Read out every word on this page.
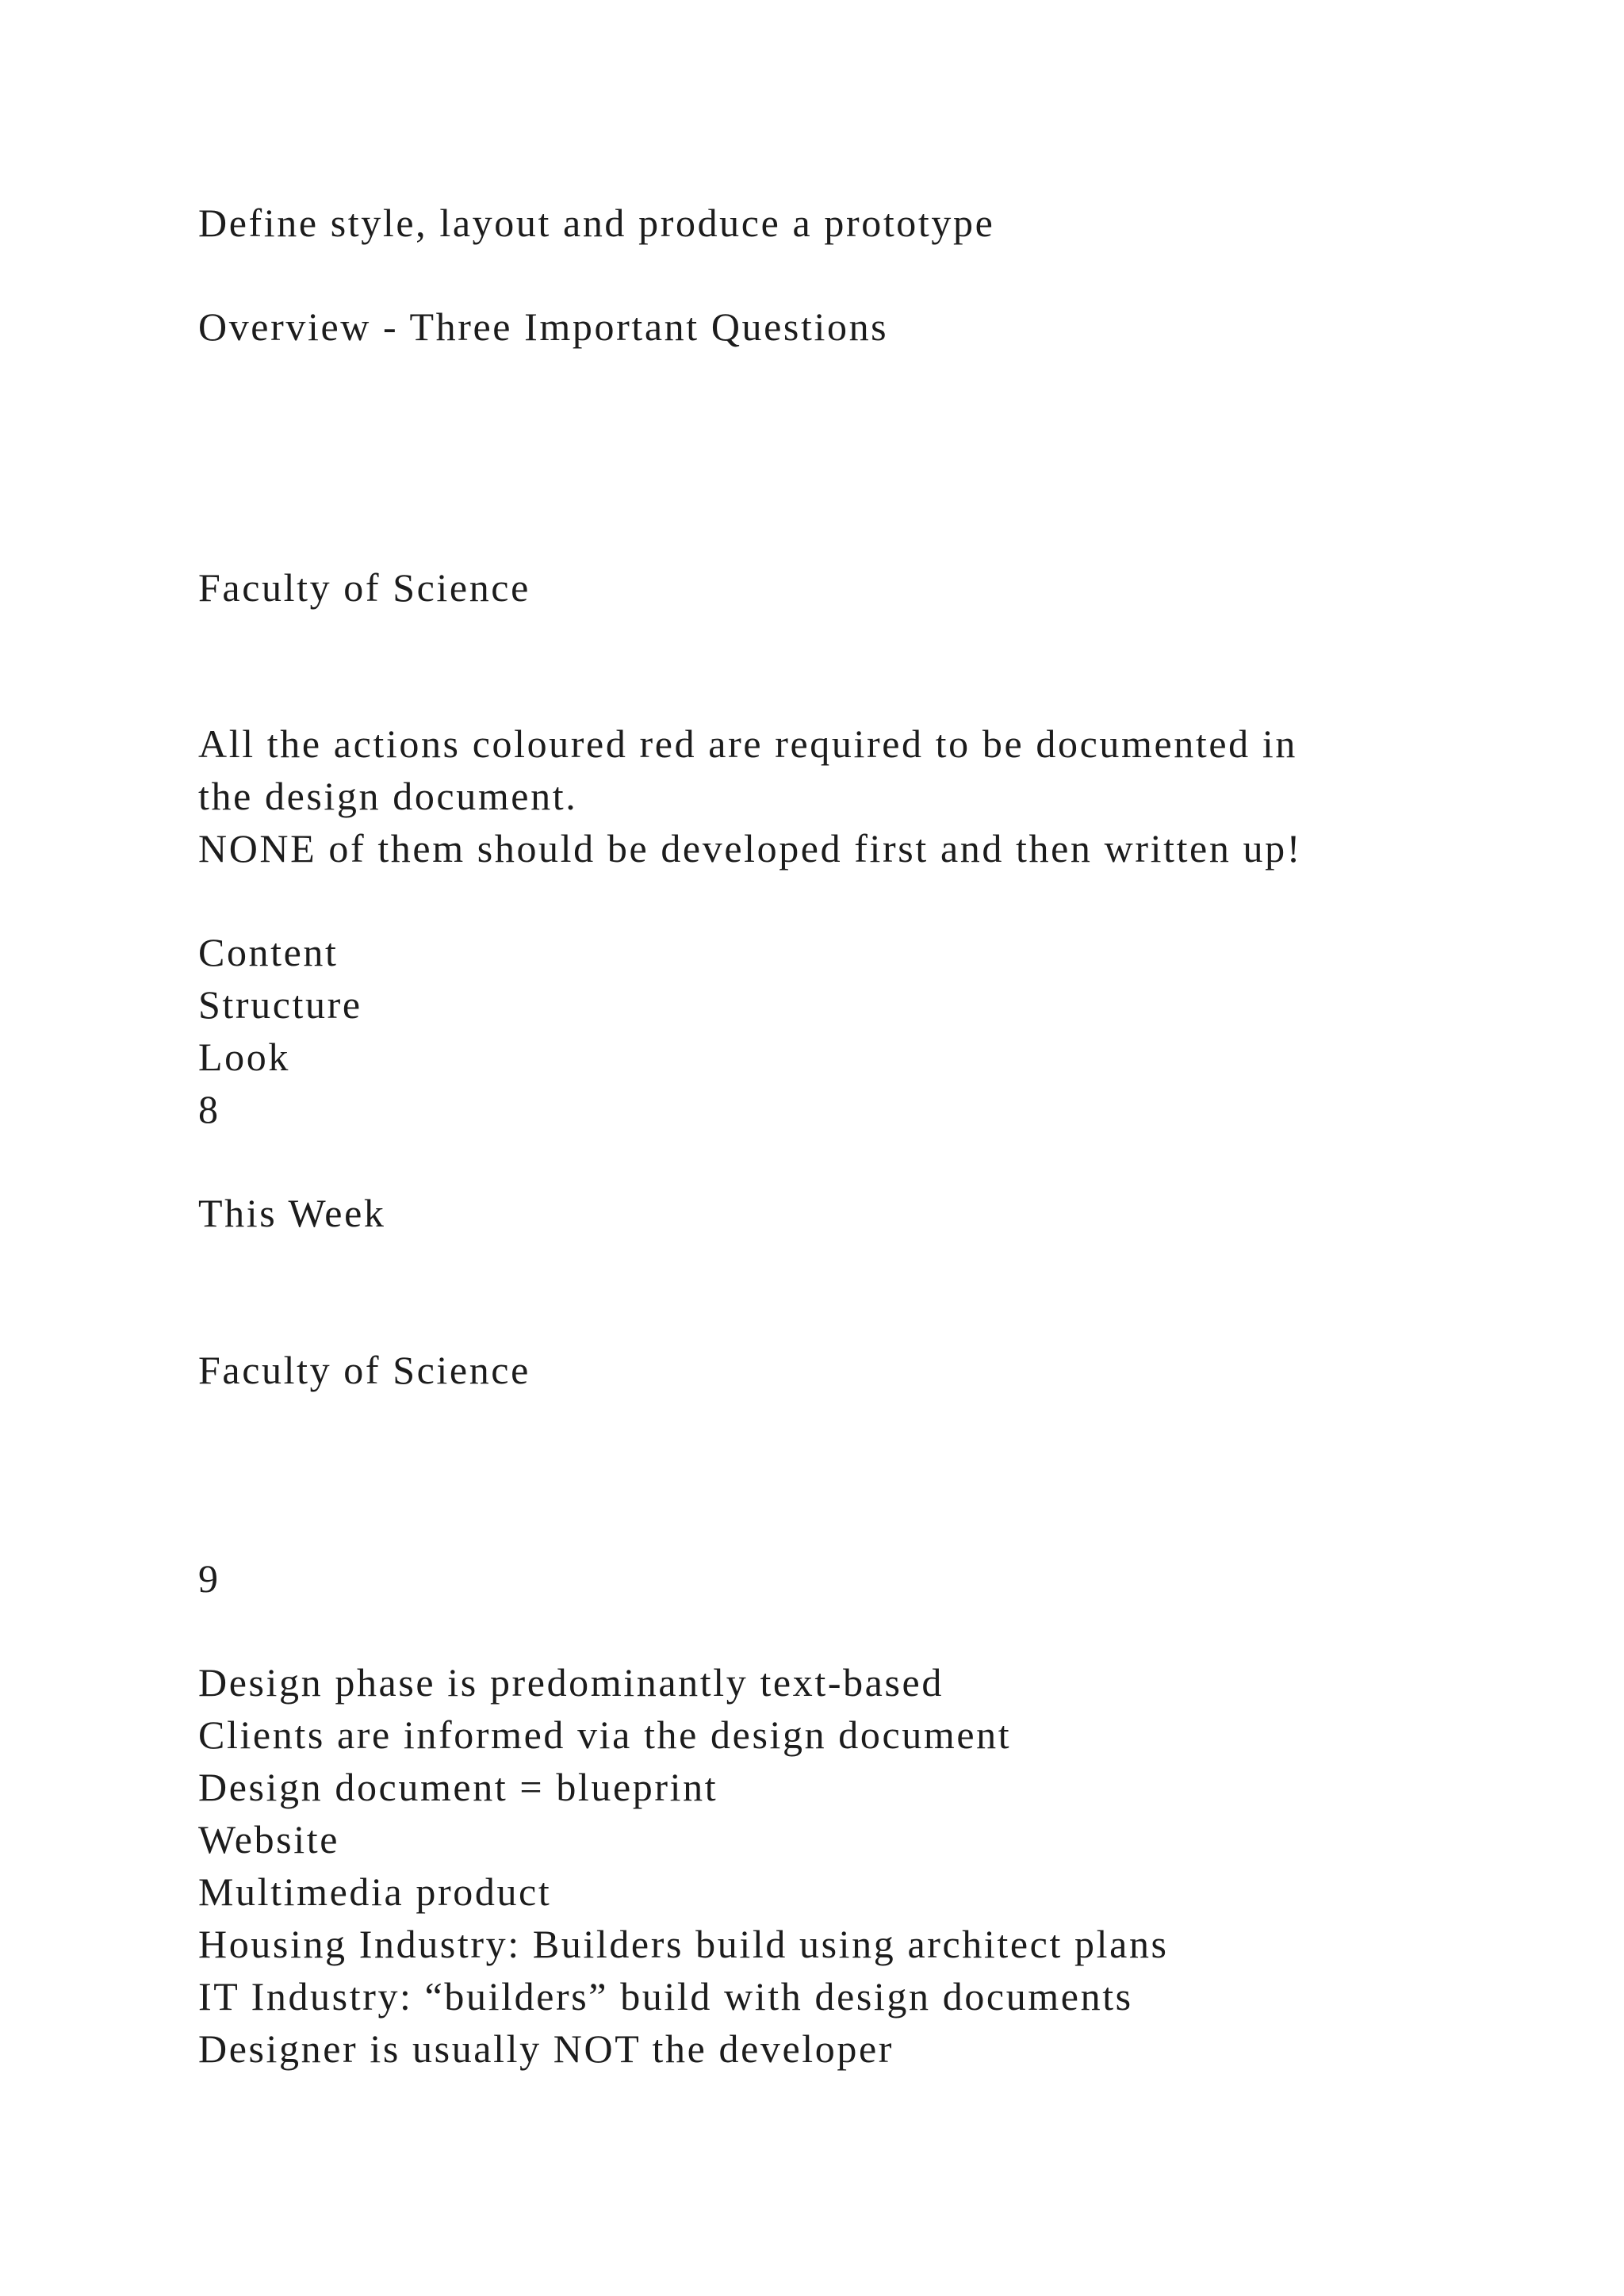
Define style, layout and produce a prototype

Overview - Three Important Questions

Faculty of Science

All the actions coloured red are required to be documented in

the design document.

NONE of them should be developed first and then written up!

Content

Structure

Look

8

This Week

Faculty of Science

9

Design phase is predominantly text-based

Clients are informed via the design document

Design document = blueprint

Website

Multimedia product

Housing Industry: Builders build using architect plans

IT Industry: “builders” build with design documents

Designer is usually NOT the developer
